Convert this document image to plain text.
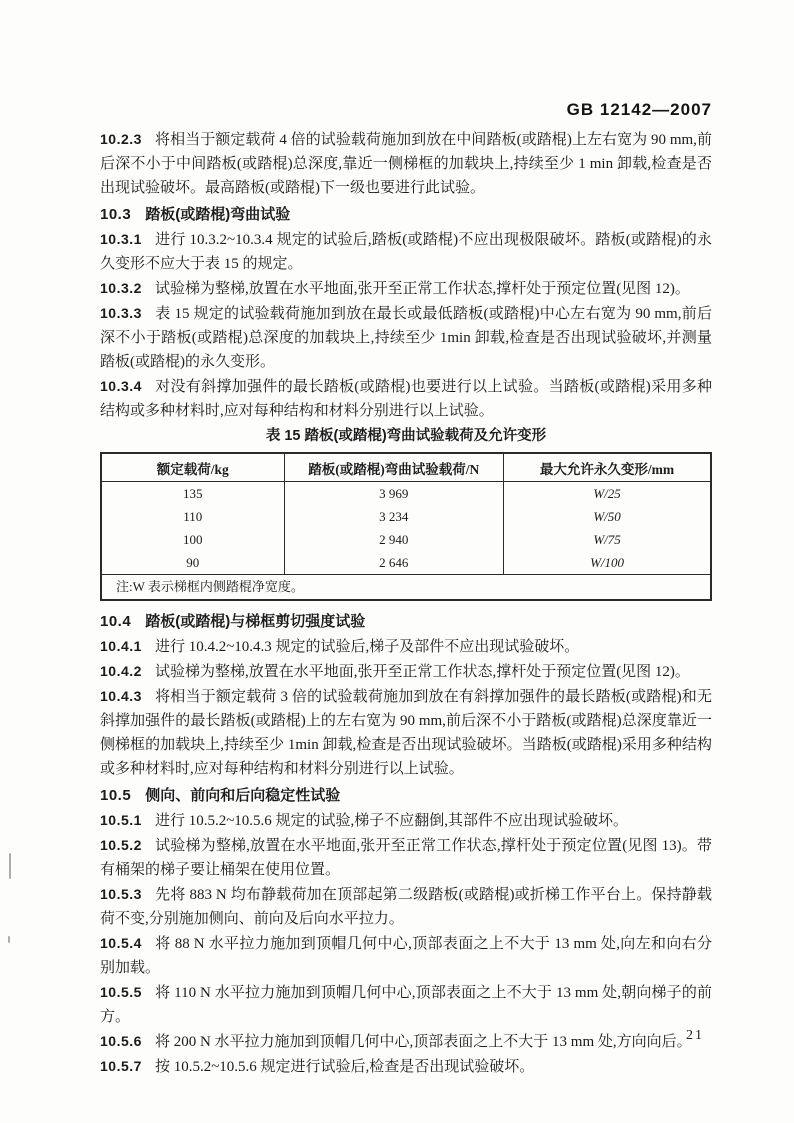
GB 12142—2007

10.2.3 将相当于额定载荷 4 倍的试验载荷施加到放在中间踏板(或踏棍)上左右宽为 90 mm,前后深不小于中间踏板(或踏棍)总深度,靠近一侧梯框的加载块上,持续至少 1 min 卸载,检查是否出现试验破坏。最高踏板(或踏棍)下一级也要进行此试验。

10.3 踏板(或踏棍)弯曲试验

10.3.1 进行 10.3.2~10.3.4 规定的试验后,踏板(或踏棍)不应出现极限破坏。踏板(或踏棍)的永久变形不应大于表 15 的规定。

10.3.2 试验梯为整梯,放置在水平地面,张开至正常工作状态,撑杆处于预定位置(见图 12)。

10.3.3 表 15 规定的试验载荷施加到放在最长或最低踏板(或踏棍)中心左右宽为 90 mm,前后深不小于踏板(或踏棍)总深度的加载块上,持续至少 1min 卸载,检查是否出现试验破坏,并测量踏板(或踏棍)的永久变形。

10.3.4 对没有斜撑加强件的最长踏板(或踏棍)也要进行以上试验。当踏板(或踏棍)采用多种结构或多种材料时,应对每种结构和材料分别进行以上试验。

表 15 踏板(或踏棍)弯曲试验载荷及允许变形
额定载荷/kg	踏板(或踏棍)弯曲试验载荷/N	最大允许永久变形/mm
135	3 969	W/25
110	3 234	W/50
100	2 940	W/75
90	2 646	W/100
注:W 表示梯框内侧踏棍净宽度。		

10.4 踏板(或踏棍)与梯框剪切强度试验

10.4.1 进行 10.4.2~10.4.3 规定的试验后,梯子及部件不应出现试验破坏。

10.4.2 试验梯为整梯,放置在水平地面,张开至正常工作状态,撑杆处于预定位置(见图 12)。

10.4.3 将相当于额定载荷 3 倍的试验载荷施加到放在有斜撑加强件的最长踏板(或踏棍)和无斜撑加强件的最长踏板(或踏棍)上的左右宽为 90 mm,前后深不小于踏板(或踏棍)总深度靠近一侧梯框的加载块上,持续至少 1min 卸载,检查是否出现试验破坏。当踏板(或踏棍)采用多种结构或多种材料时,应对每种结构和材料分别进行以上试验。

10.5 侧向、前向和后向稳定性试验

10.5.1 进行 10.5.2~10.5.6 规定的试验,梯子不应翻倒,其部件不应出现试验破坏。

10.5.2 试验梯为整梯,放置在水平地面,张开至正常工作状态,撑杆处于预定位置(见图 13)。带有桶架的梯子要让桶架在使用位置。

10.5.3 先将 883 N 均布静载荷加在顶部起第二级踏板(或踏棍)或折梯工作平台上。保持静载荷不变,分别施加侧向、前向及后向水平拉力。

10.5.4 将 88 N 水平拉力施加到顶帽几何中心,顶部表面之上不大于 13 mm 处,向左和向右分别加载。

10.5.5 将 110 N 水平拉力施加到顶帽几何中心,顶部表面之上不大于 13 mm 处,朝向梯子的前方。

10.5.6 将 200 N 水平拉力施加到顶帽几何中心,顶部表面之上不大于 13 mm 处,方向向后。

10.5.7 按 10.5.2~10.5.6 规定进行试验后,检查是否出现试验破坏。

21
